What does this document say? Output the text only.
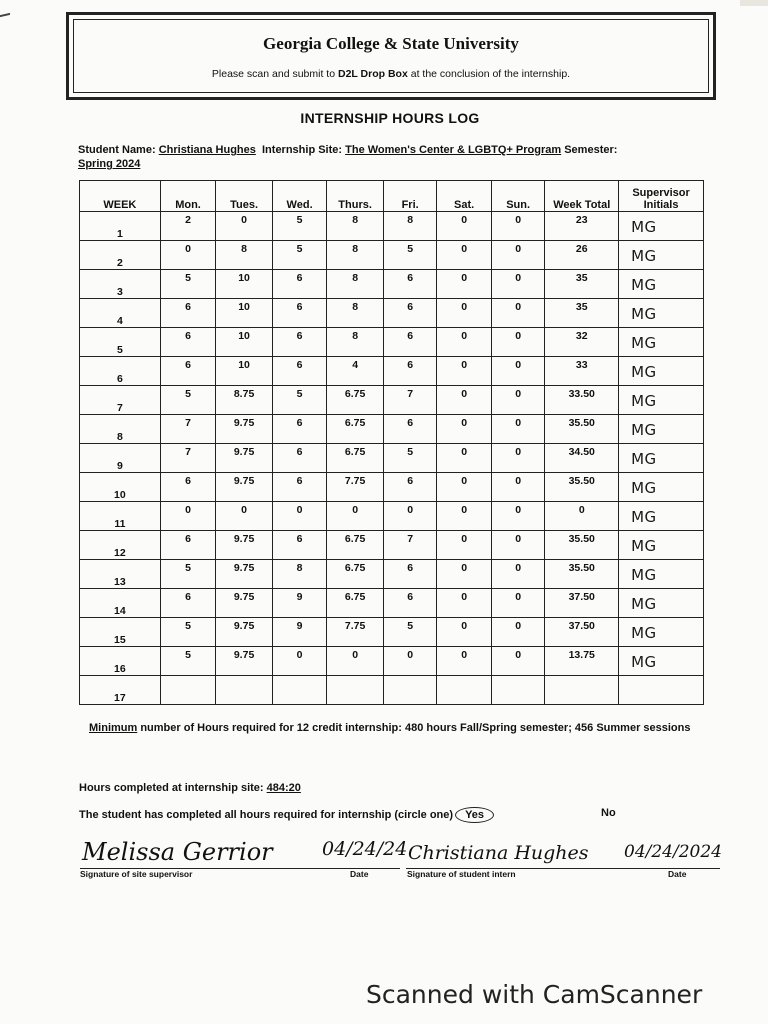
Georgia College & State University
Please scan and submit to D2L Drop Box at the conclusion of the internship.
INTERNSHIP HOURS LOG
Student Name: Christiana Hughes Internship Site: The Women's Center & LGBTQ+ Program Semester:
Spring 2024
WEEK	Mon.	Tues.	Wed.	Thurs.	Fri.	Sat.	Sun.	Week Total	Supervisor Initials

1	2	0	5	8	8	0	0	23	MG

2	0	8	5	8	5	0	0	26	MG

3	5	10	6	8	6	0	0	35	MG

4	6	10	6	8	6	0	0	35	MG

5	6	10	6	8	6	0	0	32	MG

6	6	10	6	4	6	0	0	33	MG

7	5	8.75	5	6.75	7	0	0	33.50	MG

8	7	9.75	6	6.75	6	0	0	35.50	MG

9	7	9.75	6	6.75	5	0	0	34.50	MG

10	6	9.75	6	7.75	6	0	0	35.50	MG

11	0	0	0	0	0	0	0	0	MG

12	6	9.75	6	6.75	7	0	0	35.50	MG

13	5	9.75	8	6.75	6	0	0	35.50	MG

14	6	9.75	9	6.75	6	0	0	37.50	MG

15	5	9.75	9	7.75	5	0	0	37.50	MG

16	5	9.75	0	0	0	0	0	13.75	MG

17									

Minimum number of Hours required for 12 credit internship: 480 hours Fall/Spring semester; 456 Summer sessions
Hours completed at internship site: 484:20
The student has completed all hours required for internship (circle one) Yes	No
Melissa Gerrior	04/24/24 Christiana Hughes 04/24/2024
Signature of site supervisor	Date	Signature of student intern	Date
Scanned with CamScanner
